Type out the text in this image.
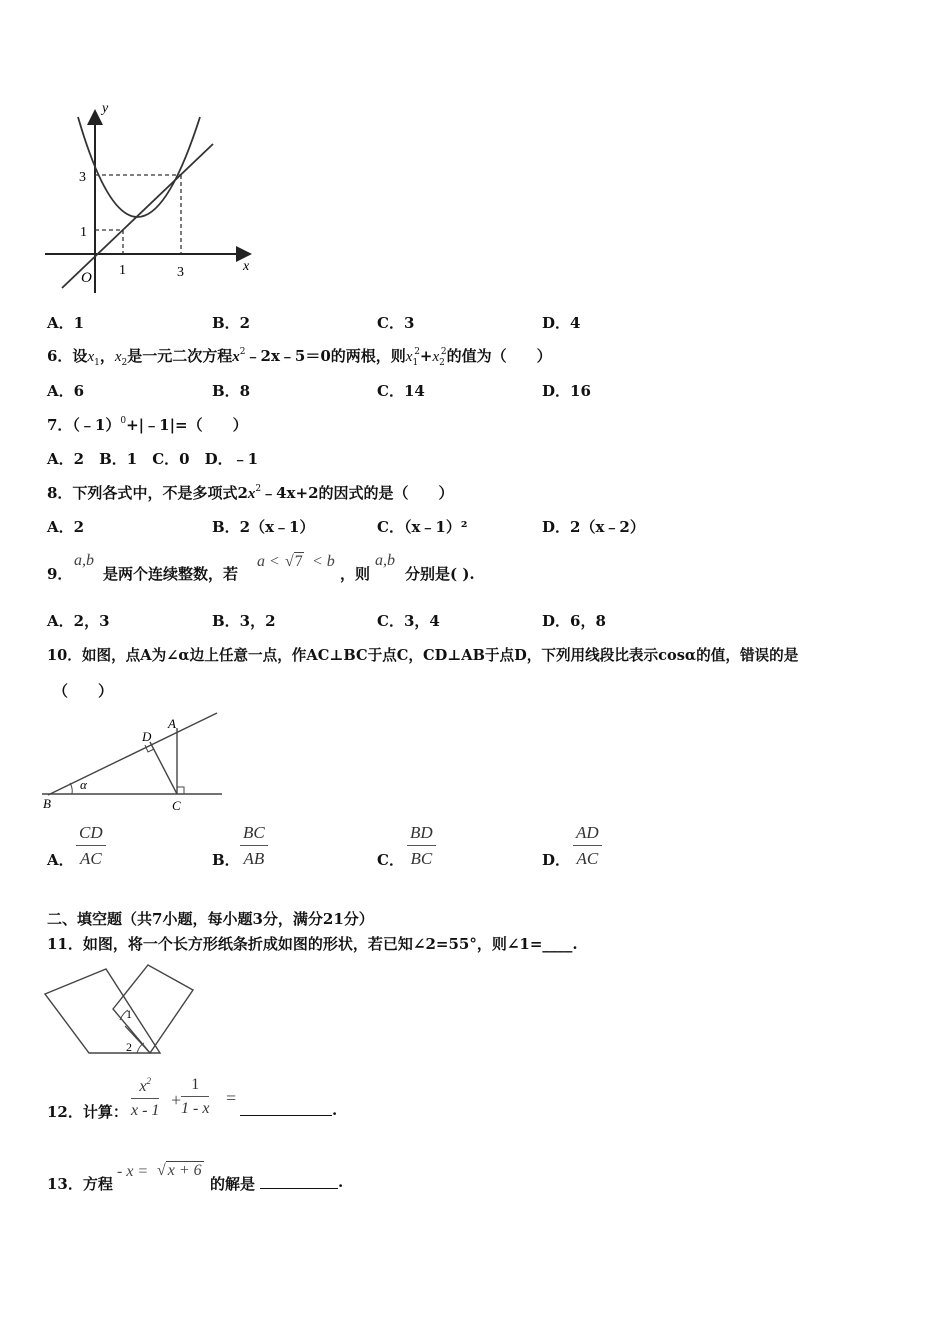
y
x
O
3
1
1	3
A．1	B．2	C．3	D．4
6．设$x_1$，$x_2$是一元二次方程$x^2﹣2x﹣5=0$的两根，则$x_1^2+x_2^2$的值为（　　）
A．6	B．8	C．14	D．16
7．（﹣1）$^0$+|﹣1|=（　　）
A．2　B．1　C．0　D．﹣1
8．下列各式中，不是多项式$2x^2﹣4x+2$的因式的是（　　）
A．2	B．2（x﹣1）	C．（x﹣1）²	D．2（x﹣2）
9．
a,b
是两个连续整数，若
a < √7 < b
，则
a,b
分别是( ).
A．2，3	B．3，2	C．3，4	D．6，8
10．如图，点A为∠α边上任意一点，作AC⊥BC于点C，CD⊥AB于点D，下列用线段比表示cosα的值，错误的是
（　　）
α
B	C
D
A
A． $\frac{CD}{AC}$	B． $\frac{BC}{AB}$	C． $\frac{BD}{BC}$	D． $\frac{AD}{AC}$
二、填空题（共7小题，每小题3分，满分21分）
11．如图，将一个长方形纸条折成如图的形状，若已知∠2=55°，则∠1=____.
1
2
12．计算： $\frac{x^2}{x - 1} + \frac{1}{1 - x}$ =
.
13．方程
- x = √ x + 6
的解是	.
